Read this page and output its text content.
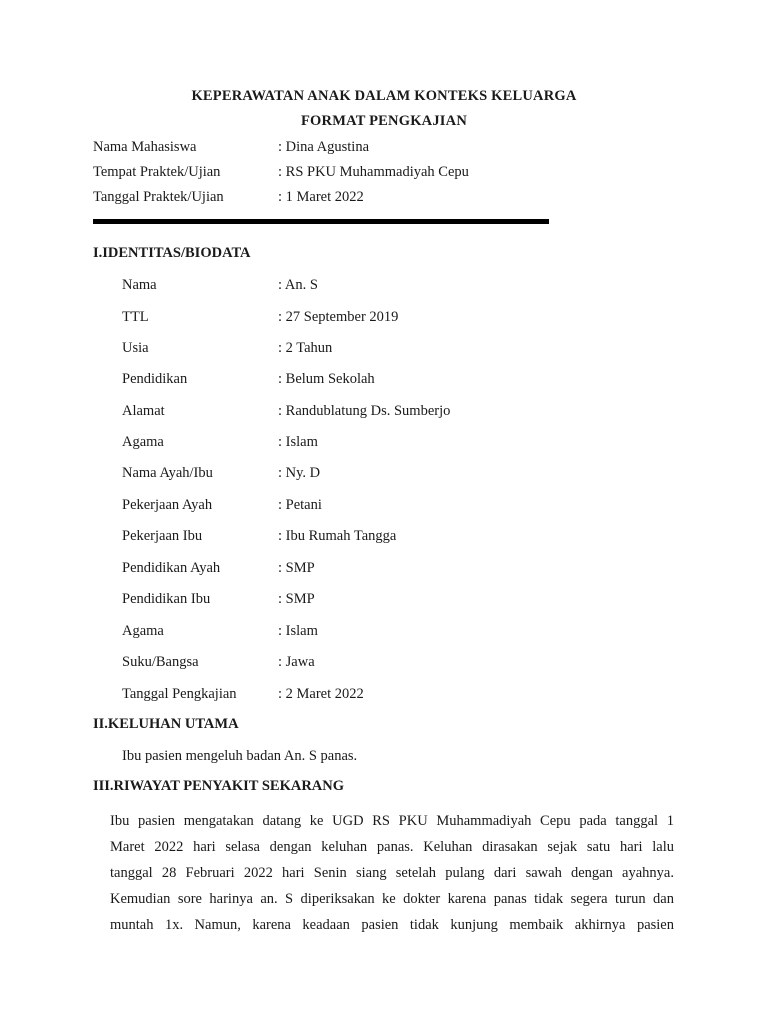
KEPERAWATAN ANAK DALAM KONTEKS KELUARGA
FORMAT PENGKAJIAN
Nama Mahasiswa	: Dina Agustina
Tempat Praktek/Ujian	: RS PKU Muhammadiyah Cepu
Tanggal Praktek/Ujian	: 1 Maret 2022
I.IDENTITAS/BIODATA
Nama	: An. S
TTL	: 27 September 2019
Usia	: 2 Tahun
Pendidikan	: Belum Sekolah
Alamat	: Randublatung Ds. Sumberjo
Agama	: Islam
Nama Ayah/Ibu	: Ny. D
Pekerjaan Ayah	: Petani
Pekerjaan Ibu	: Ibu Rumah Tangga
Pendidikan Ayah	: SMP
Pendidikan Ibu	: SMP
Agama	: Islam
Suku/Bangsa	: Jawa
Tanggal Pengkajian	: 2 Maret 2022
II.KELUHAN UTAMA
Ibu pasien mengeluh badan An. S panas.
III.RIWAYAT PENYAKIT SEKARANG
Ibu pasien mengatakan datang ke UGD RS PKU Muhammadiyah Cepu pada tanggal 1
Maret 2022 hari selasa dengan keluhan panas. Keluhan dirasakan sejak satu hari lalu
tanggal 28 Februari 2022 hari Senin siang setelah pulang dari sawah dengan ayahnya.
Kemudian sore harinya an. S diperiksakan ke dokter karena panas tidak segera turun dan
muntah 1x. Namun, karena keadaan pasien tidak kunjung membaik akhirnya pasien
